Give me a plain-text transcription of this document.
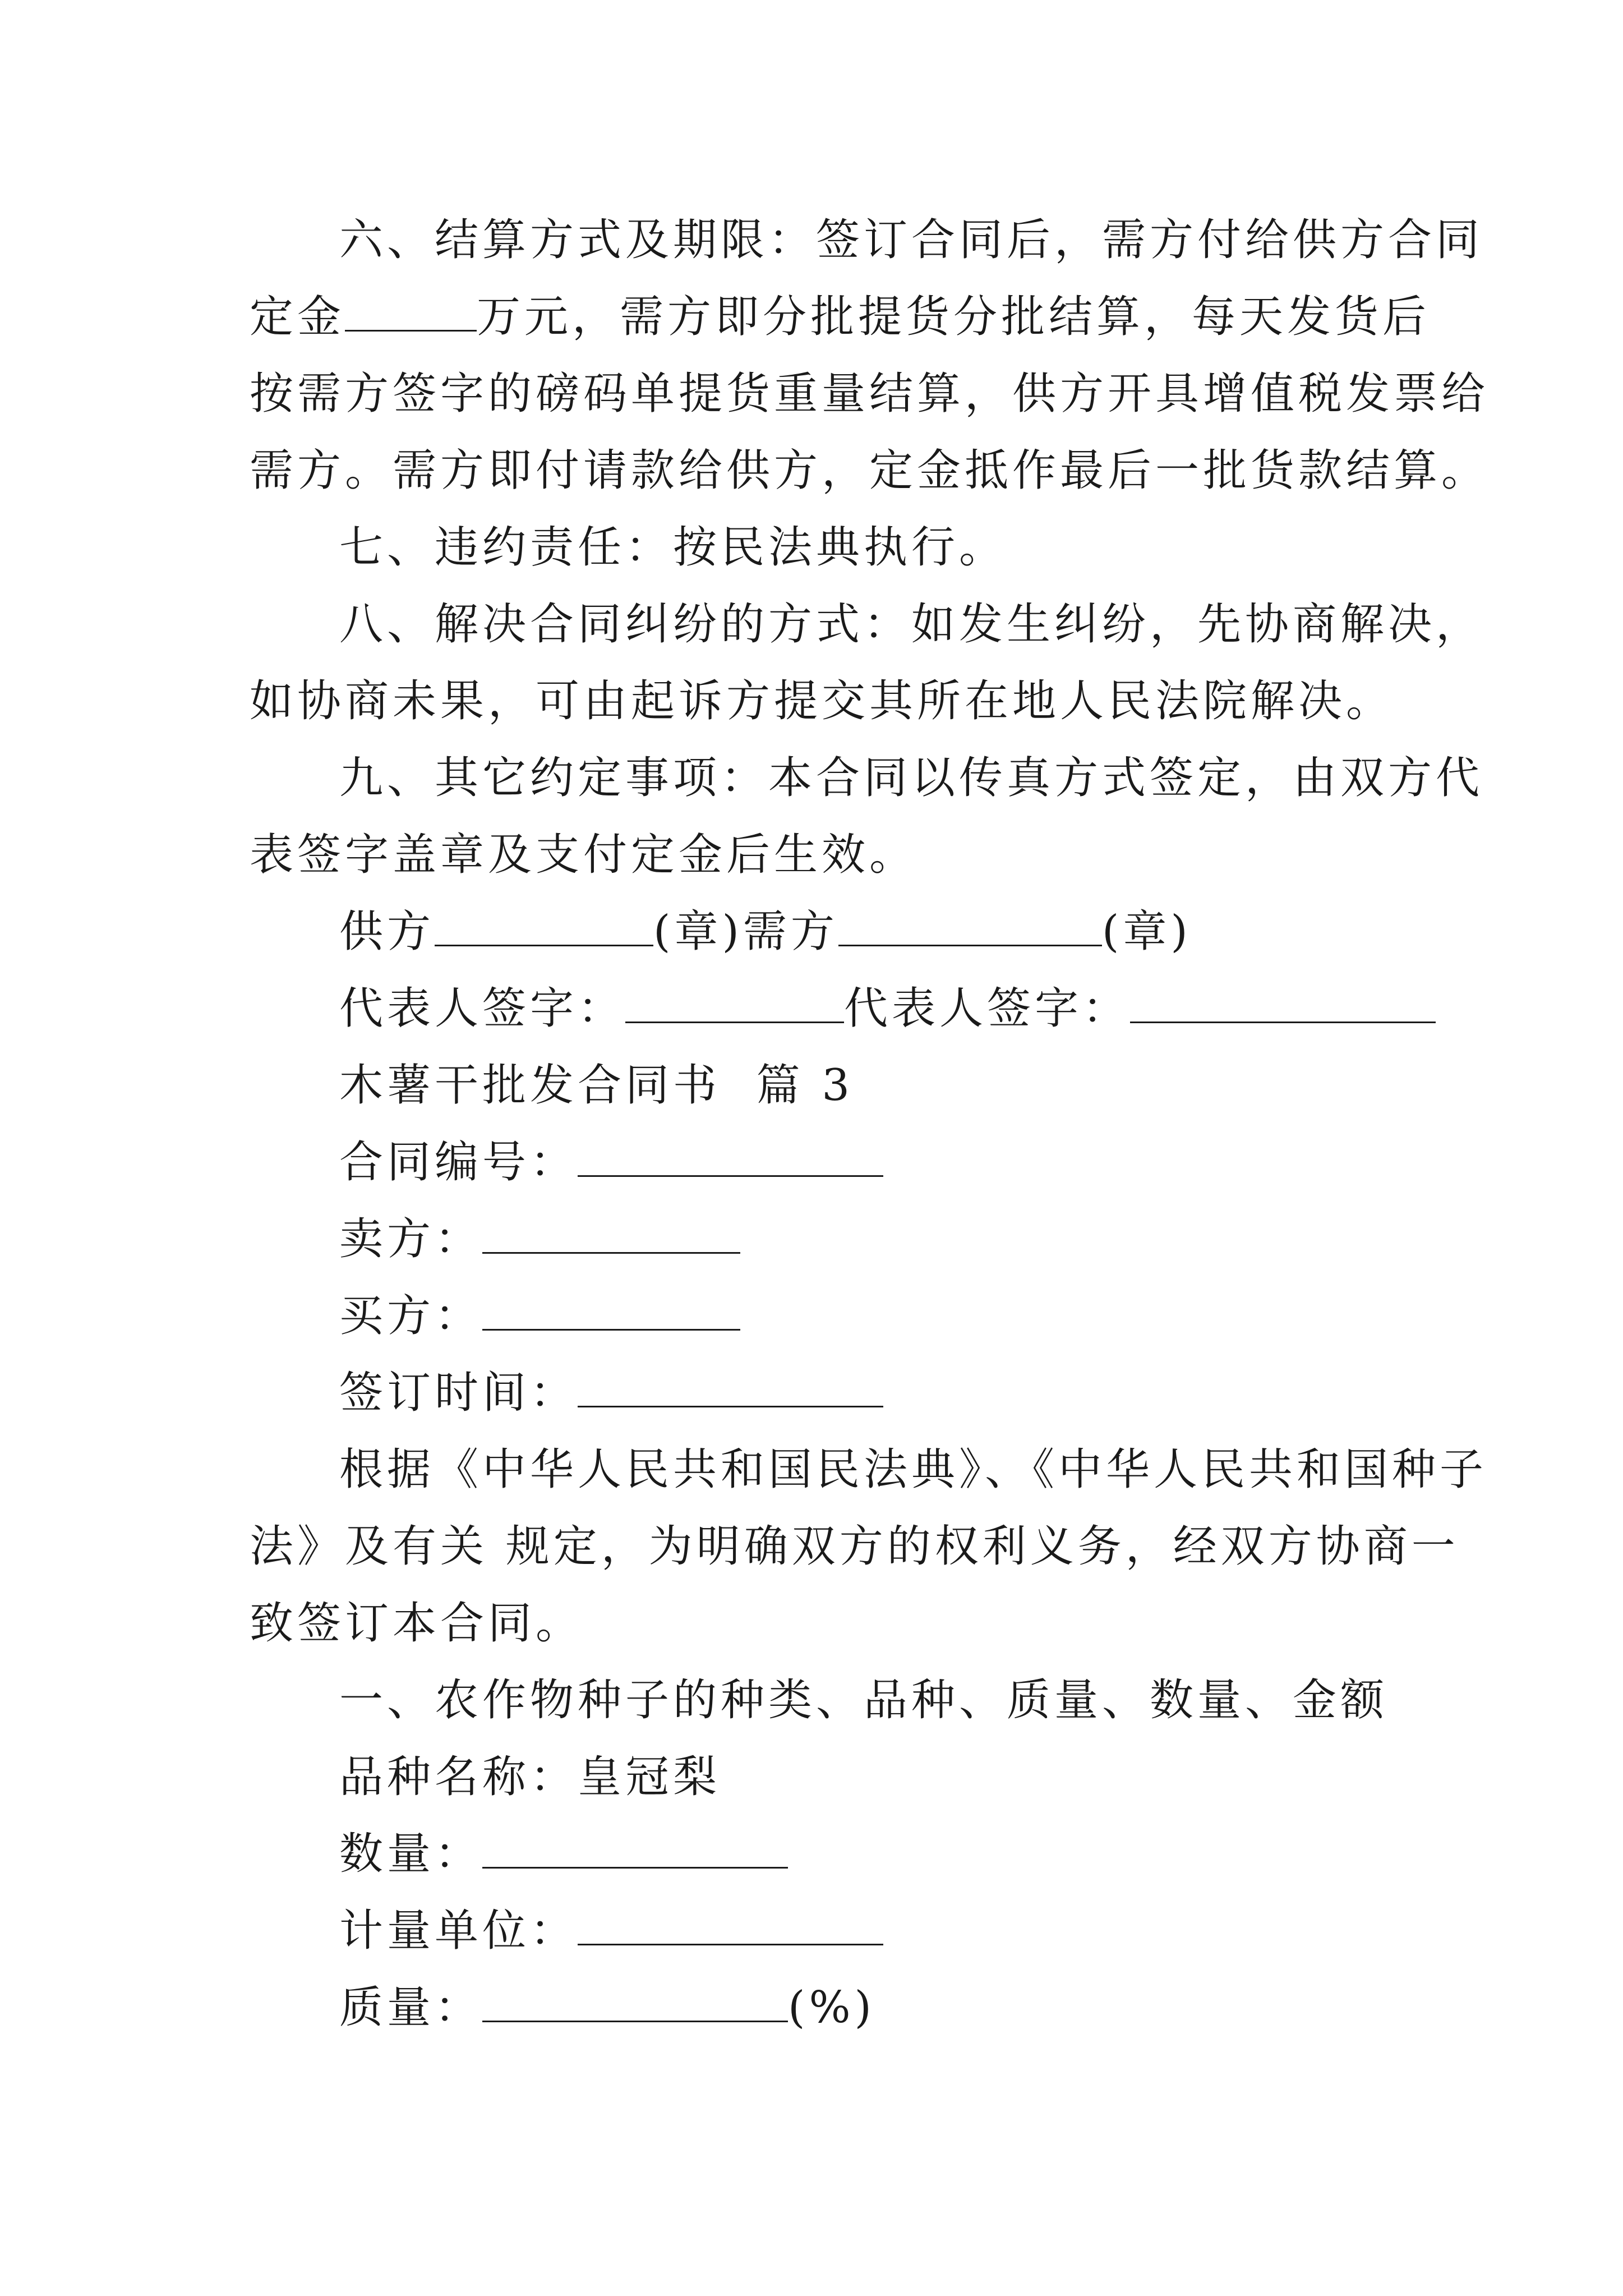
六、结算方式及期限：签订合同后，需方付给供方合同
定金	万元，需方即分批提货分批结算，每天发货后
按需方签字的磅码单提货重量结算，供方开具增值税发票给
需方。需方即付请款给供方，定金抵作最后一批货款结算。
七、违约责任：按民法典执行。
八、解决合同纠纷的方式：如发生纠纷，先协商解决，
如协商未果，可由起诉方提交其所在地人民法院解决。
九、其它约定事项：本合同以传真方式签定，由双方代
表签字盖章及支付定金后生效。
供方	(章)需方	(章)
代表人签字：	代表人签字：
木薯干批发合同书  篇 3
合同编号：
卖方：
买方：
签订时间：
根据《中华人民共和国民法典》、《中华人民共和国种子
法》及有关 规定，为明确双方的权利义务，经双方协商一
致签订本合同。
一、农作物种子的种类、品种、质量、数量、金额
品种名称：皇冠梨
数量：
计量单位：
质量：	(%)
